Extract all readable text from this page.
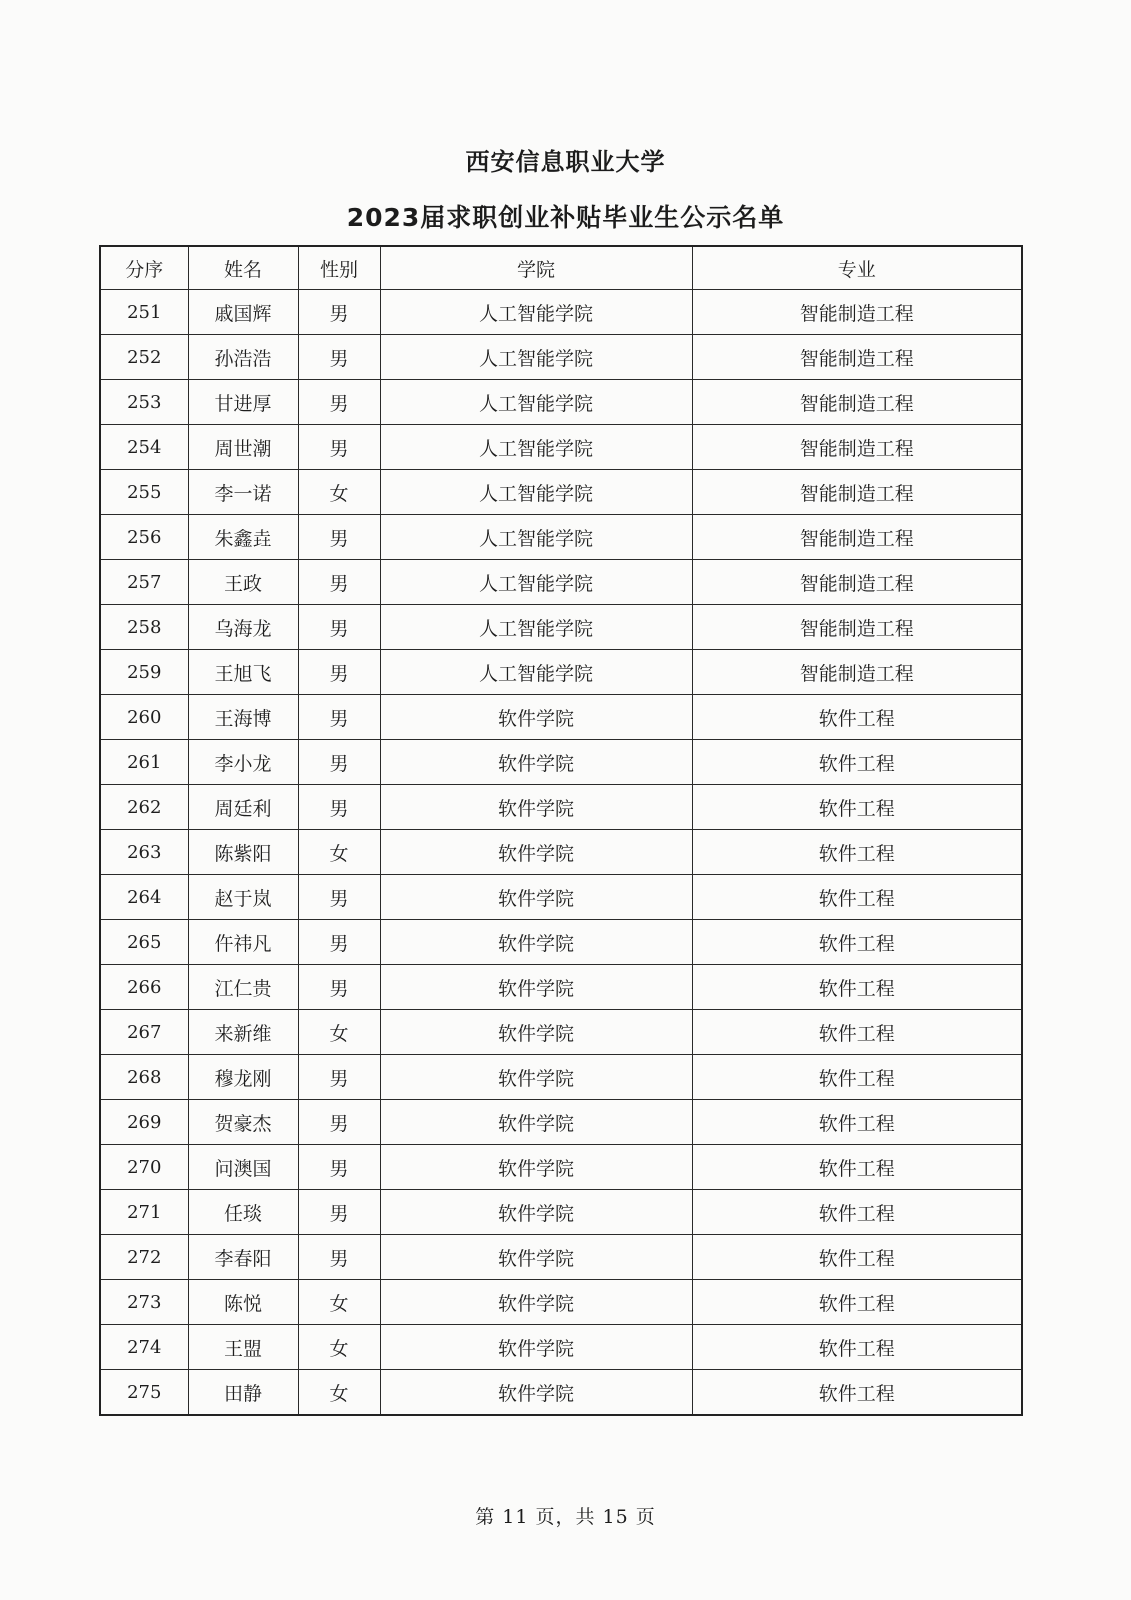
西安信息职业大学
2023届求职创业补贴毕业生公示名单
分序	姓名	性别	学院	专业
251	戚国辉	男	人工智能学院	智能制造工程
252	孙浩浩	男	人工智能学院	智能制造工程
253	甘进厚	男	人工智能学院	智能制造工程
254	周世潮	男	人工智能学院	智能制造工程
255	李一诺	女	人工智能学院	智能制造工程
256	朱鑫垚	男	人工智能学院	智能制造工程
257	王政	男	人工智能学院	智能制造工程
258	乌海龙	男	人工智能学院	智能制造工程
259	王旭飞	男	人工智能学院	智能制造工程
260	王海博	男	软件学院	软件工程
261	李小龙	男	软件学院	软件工程
262	周廷利	男	软件学院	软件工程
263	陈紫阳	女	软件学院	软件工程
264	赵于岚	男	软件学院	软件工程
265	仵祎凡	男	软件学院	软件工程
266	江仁贵	男	软件学院	软件工程
267	来新维	女	软件学院	软件工程
268	穆龙刚	男	软件学院	软件工程
269	贺豪杰	男	软件学院	软件工程
270	问澳国	男	软件学院	软件工程
271	任琰	男	软件学院	软件工程
272	李春阳	男	软件学院	软件工程
273	陈悦	女	软件学院	软件工程
274	王盟	女	软件学院	软件工程
275	田静	女	软件学院	软件工程
第 11 页，共 15 页
